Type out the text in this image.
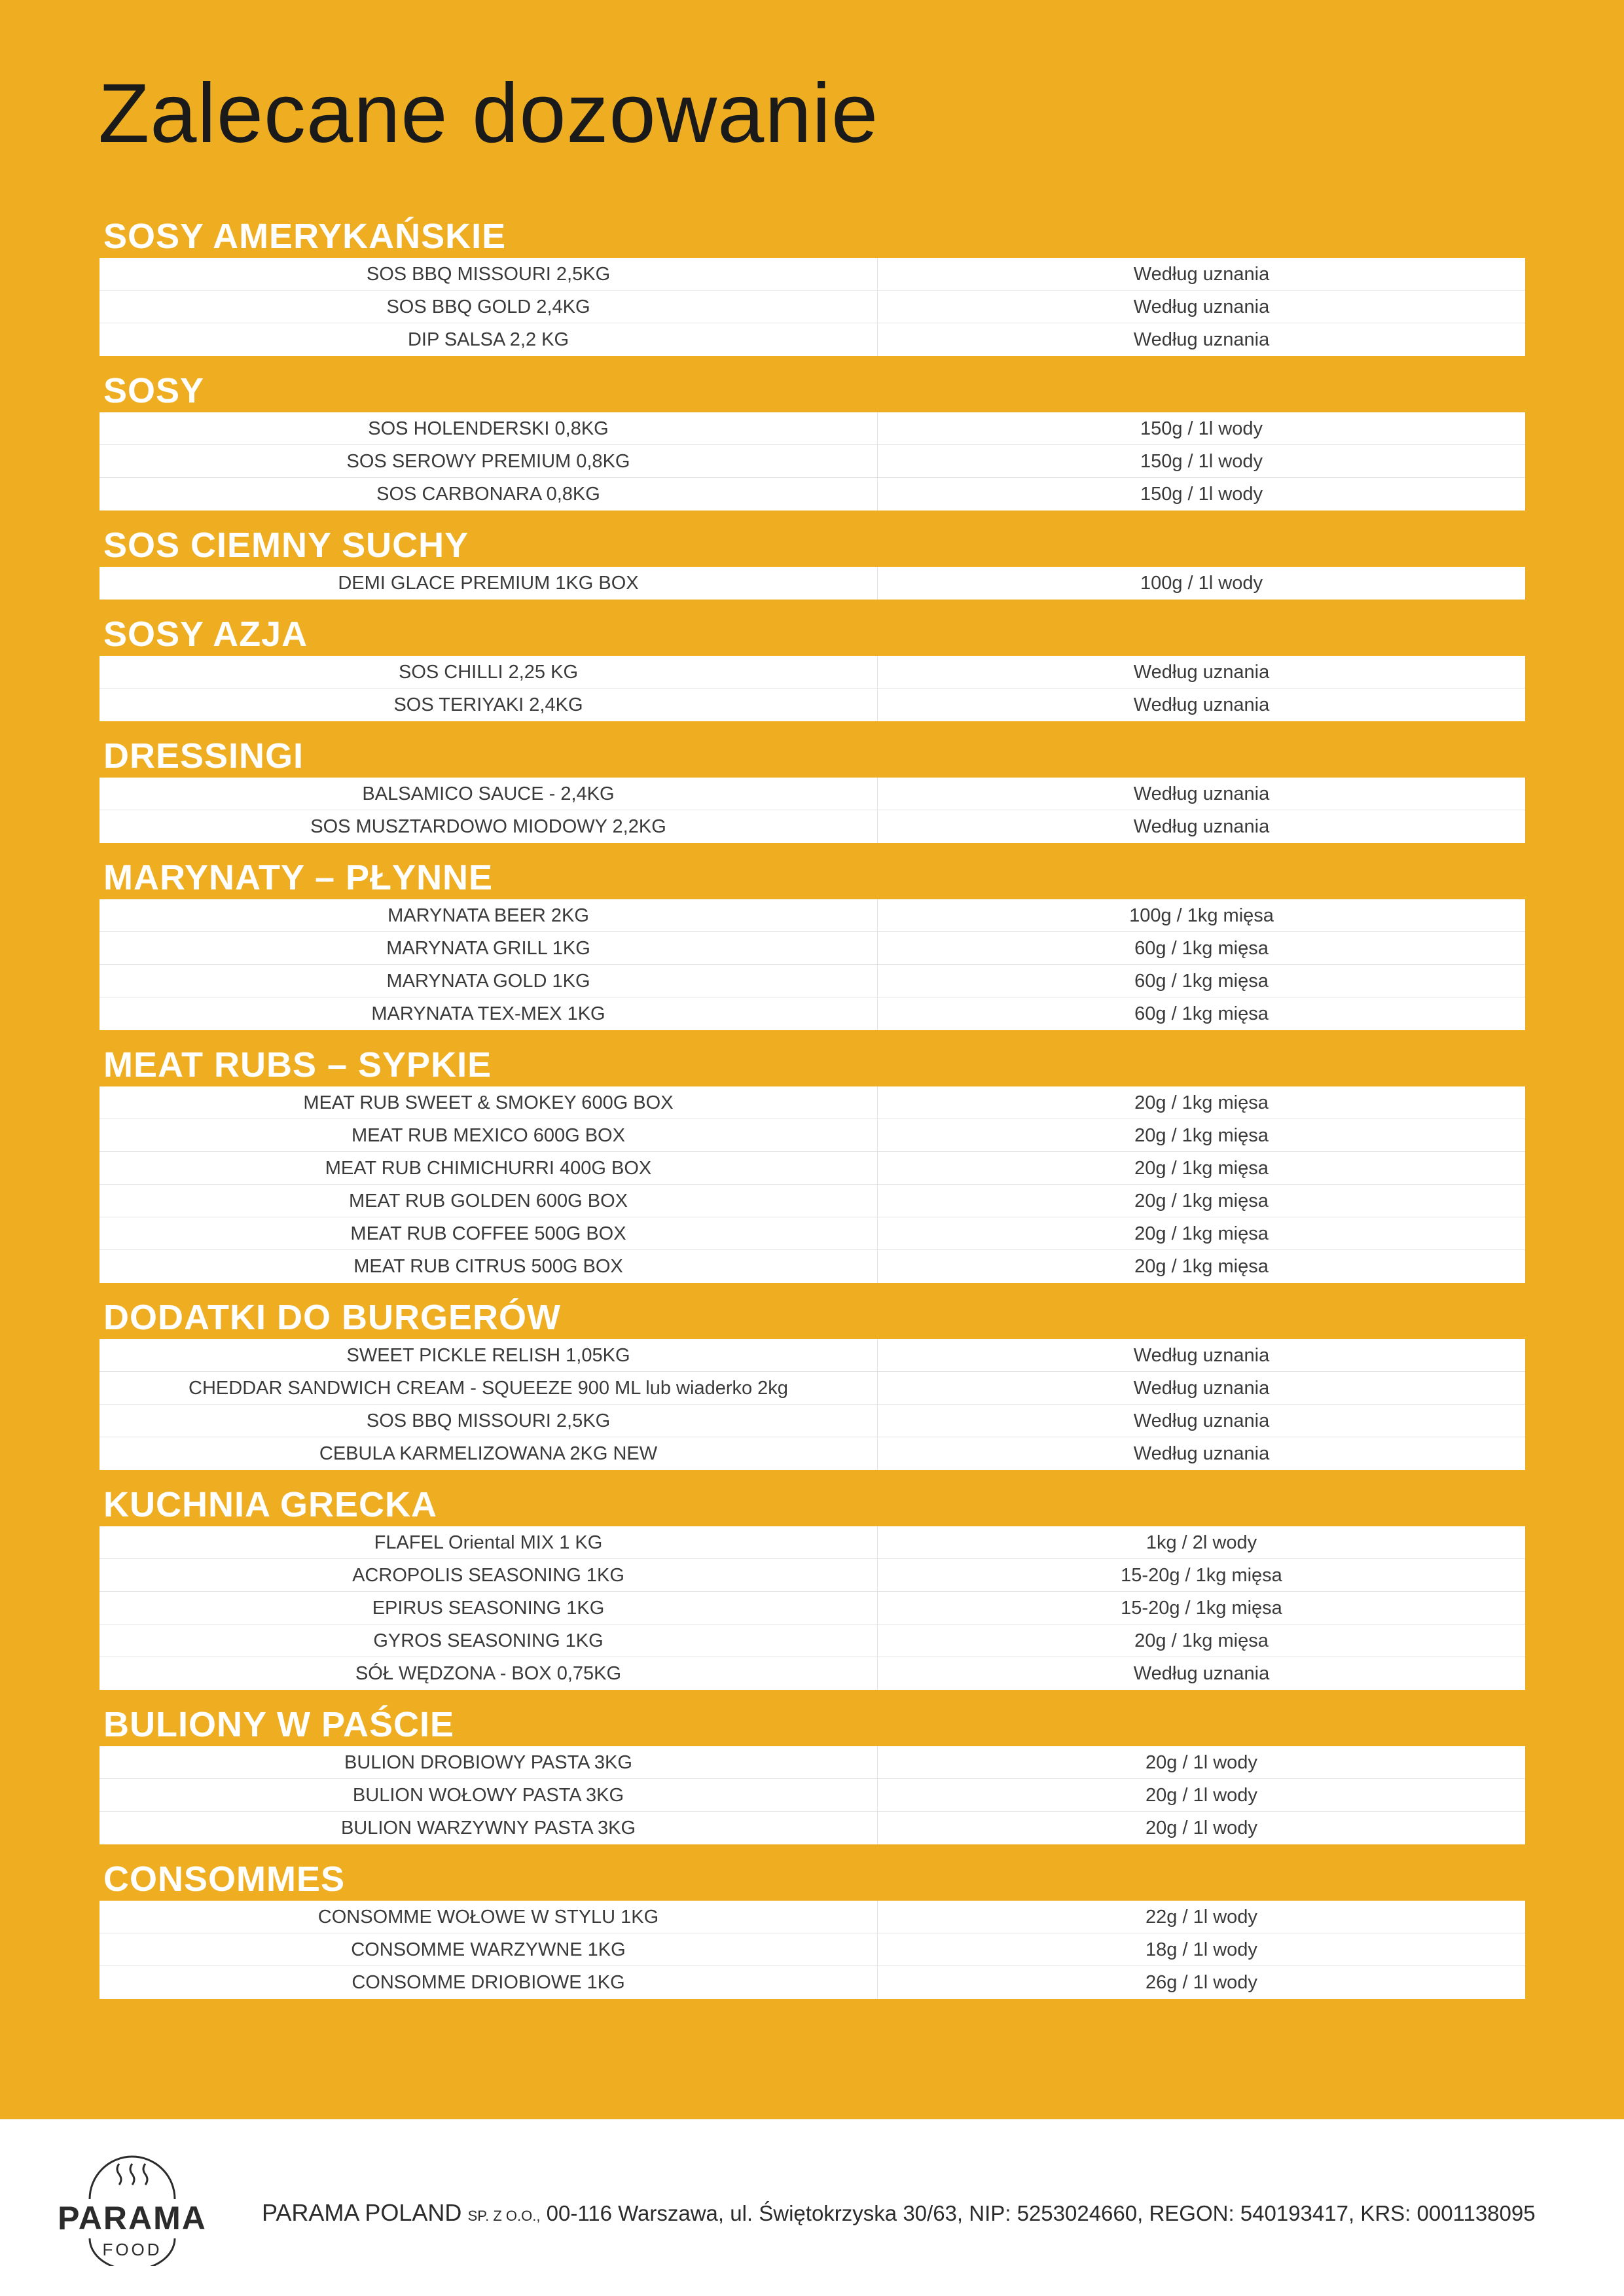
Zalecane dozowanie
SOSY AMERYKAŃSKIE
SOS BBQ MISSOURI 2,5KG	Według uznania
SOS BBQ GOLD 2,4KG	Według uznania
DIP SALSA 2,2 KG	Według uznania
SOSY
SOS HOLENDERSKI 0,8KG	150g / 1l wody
SOS SEROWY PREMIUM 0,8KG	150g / 1l wody
SOS CARBONARA 0,8KG	150g / 1l wody
SOS CIEMNY SUCHY
DEMI GLACE PREMIUM 1KG BOX	100g / 1l wody
SOSY AZJA
SOS CHILLI 2,25 KG	Według uznania
SOS TERIYAKI 2,4KG	Według uznania
DRESSINGI
BALSAMICO SAUCE - 2,4KG	Według uznania
SOS MUSZTARDOWO MIODOWY 2,2KG	Według uznania
MARYNATY – PŁYNNE
MARYNATA BEER 2KG	100g / 1kg mięsa
MARYNATA GRILL 1KG	60g / 1kg mięsa
MARYNATA GOLD 1KG	60g / 1kg mięsa
MARYNATA TEX-MEX 1KG	60g / 1kg mięsa
MEAT RUBS – SYPKIE
MEAT RUB SWEET & SMOKEY 600G BOX	20g / 1kg mięsa
MEAT RUB MEXICO 600G BOX	20g / 1kg mięsa
MEAT RUB CHIMICHURRI 400G BOX	20g / 1kg mięsa
MEAT RUB GOLDEN 600G BOX	20g / 1kg mięsa
MEAT RUB COFFEE 500G BOX	20g / 1kg mięsa
MEAT RUB CITRUS 500G BOX	20g / 1kg mięsa
DODATKI DO BURGERÓW
SWEET PICKLE RELISH 1,05KG	Według uznania
CHEDDAR SANDWICH CREAM - SQUEEZE 900 ML lub wiaderko 2kg	Według uznania
SOS BBQ MISSOURI 2,5KG	Według uznania
CEBULA KARMELIZOWANA 2KG NEW	Według uznania
KUCHNIA GRECKA
FLAFEL Oriental MIX 1 KG	1kg / 2l wody
ACROPOLIS SEASONING 1KG	15-20g / 1kg mięsa
EPIRUS SEASONING 1KG	15-20g / 1kg mięsa
GYROS SEASONING 1KG	20g / 1kg mięsa
SÓŁ WĘDZONA - BOX 0,75KG	Według uznania
BULIONY W PAŚCIE
BULION DROBIOWY PASTA 3KG	20g / 1l wody
BULION WOŁOWY PASTA 3KG	20g / 1l wody
BULION WARZYWNY PASTA 3KG	20g / 1l wody
CONSOMMES
CONSOMME WOŁOWE W STYLU 1KG	22g / 1l wody
CONSOMME WARZYWNE 1KG	18g / 1l wody
CONSOMME DRIOBIOWE 1KG	26g / 1l wody
PARAMA
FOOD
PARAMA POLAND SP. Z O.O., 00-116 Warszawa, ul. Świętokrzyska 30/63, NIP: 5253024660, REGON: 540193417, KRS: 0001138095
